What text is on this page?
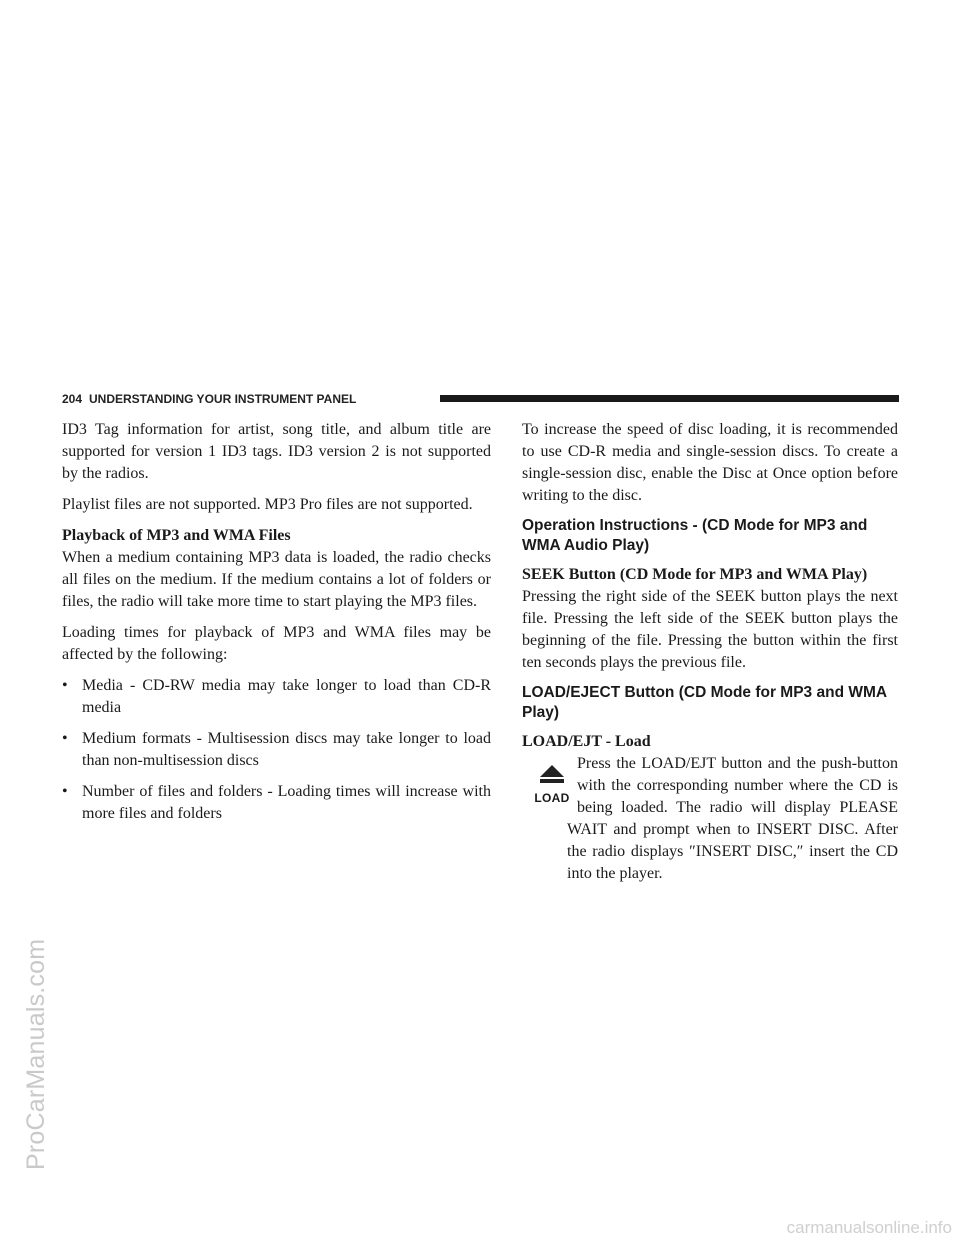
ProCarManuals.com
carmanualsonline.info
204 UNDERSTANDING YOUR INSTRUMENT PANEL

ID3 Tag information for artist, song title, and album title are supported for version 1 ID3 tags. ID3 version 2 is not supported by the radios.

Playlist files are not supported. MP3 Pro files are not supported.

Playback of MP3 and WMA Files

When a medium containing MP3 data is loaded, the radio checks all files on the medium. If the medium contains a lot of folders or files, the radio will take more time to start playing the MP3 files.

Loading times for playback of MP3 and WMA files may be affected by the following:

• Media - CD-RW media may take longer to load than CD-R media
• Medium formats - Multisession discs may take longer to load than non-multisession discs
• Number of files and folders - Loading times will increase with more files and folders

To increase the speed of disc loading, it is recommended to use CD-R media and single-session discs. To create a single-session disc, enable the Disc at Once option before writing to the disc.

Operation Instructions - (CD Mode for MP3 and WMA Audio Play)
SEEK Button (CD Mode for MP3 and WMA Play)

Pressing the right side of the SEEK button plays the next file. Pressing the left side of the SEEK button plays the beginning of the file. Pressing the button within the first ten seconds plays the previous file.

LOAD/EJECT Button (CD Mode for MP3 and WMA Play)
LOAD/EJT - Load
LOAD

Press the LOAD/EJT button and the push-button with the corresponding number where the CD is being loaded. The radio will display PLEASE WAIT and prompt when to INSERT DISC. After the radio displays ″INSERT DISC,″ insert the CD into the player.
